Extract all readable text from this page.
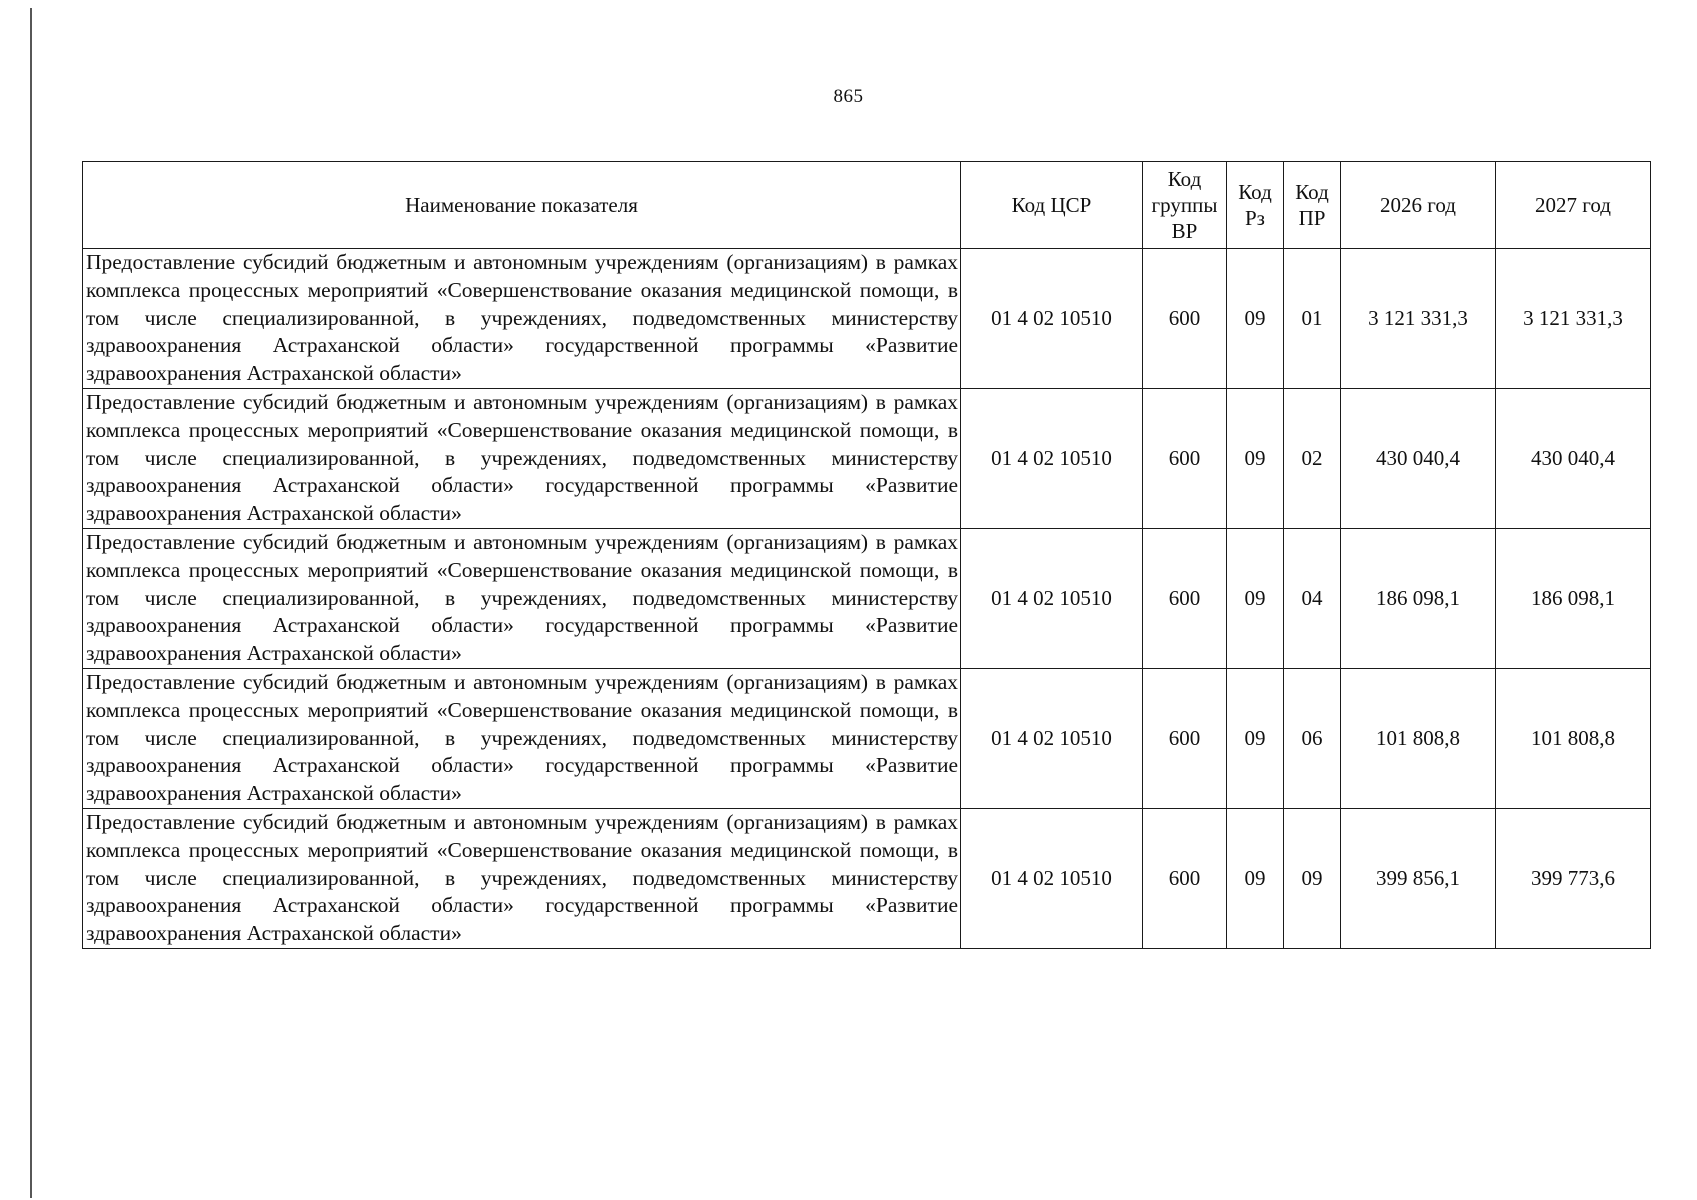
865
Наименование показателя	Код ЦСР	Код группы ВР	Код Рз	Код ПР	2026 год	2027 год
Предоставление субсидий бюджетным и автономным учреждениям (организациям) в рамках комплекса процессных мероприятий «Совершенствование оказания медицинской помощи, в том числе специализированной, в учреждениях, подведомственных министерству здравоохранения Астраханской области» государственной программы «Развитие здравоохранения Астраханской области»	01 4 02 10510	600	09	01	3 121 331,3	3 121 331,3
Предоставление субсидий бюджетным и автономным учреждениям (организациям) в рамках комплекса процессных мероприятий «Совершенствование оказания медицинской помощи, в том числе специализированной, в учреждениях, подведомственных министерству здравоохранения Астраханской области» государственной программы «Развитие здравоохранения Астраханской области»	01 4 02 10510	600	09	02	430 040,4	430 040,4
Предоставление субсидий бюджетным и автономным учреждениям (организациям) в рамках комплекса процессных мероприятий «Совершенствование оказания медицинской помощи, в том числе специализированной, в учреждениях, подведомственных министерству здравоохранения Астраханской области» государственной программы «Развитие здравоохранения Астраханской области»	01 4 02 10510	600	09	04	186 098,1	186 098,1
Предоставление субсидий бюджетным и автономным учреждениям (организациям) в рамках комплекса процессных мероприятий «Совершенствование оказания медицинской помощи, в том числе специализированной, в учреждениях, подведомственных министерству здравоохранения Астраханской области» государственной программы «Развитие здравоохранения Астраханской области»	01 4 02 10510	600	09	06	101 808,8	101 808,8
Предоставление субсидий бюджетным и автономным учреждениям (организациям) в рамках комплекса процессных мероприятий «Совершенствование оказания медицинской помощи, в том числе специализированной, в учреждениях, подведомственных министерству здравоохранения Астраханской области» государственной программы «Развитие здравоохранения Астраханской области»	01 4 02 10510	600	09	09	399 856,1	399 773,6
